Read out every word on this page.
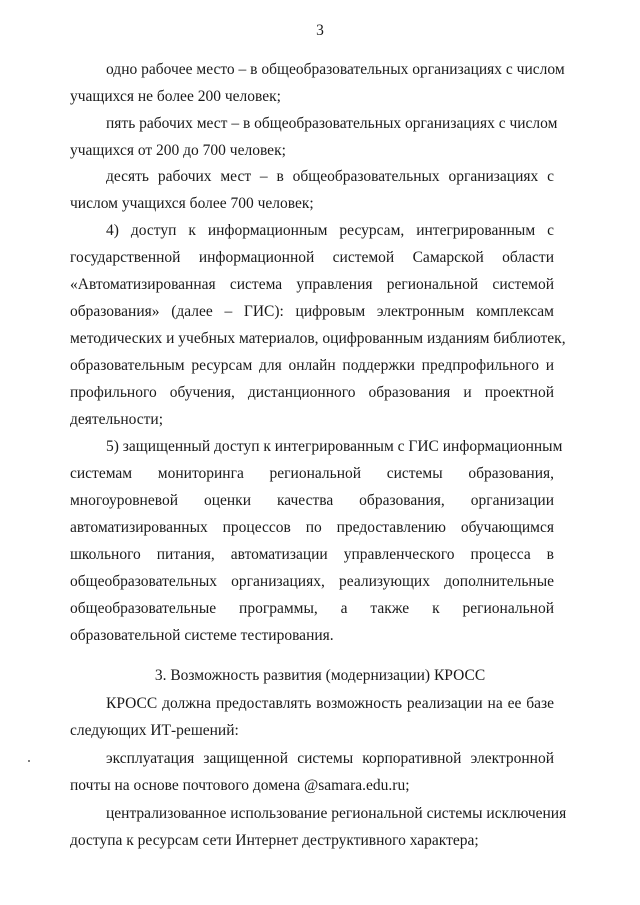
3
одно рабочее место – в общеобразовательных организациях с числом
учащихся не более 200 человек;
пять рабочих мест – в общеобразовательных организациях с числом
учащихся от 200 до 700 человек;
десять рабочих мест – в общеобразовательных организациях с
числом учащихся более 700 человек;
4) доступ к информационным ресурсам, интегрированным с
государственной информационной системой Самарской области
«Автоматизированная система управления региональной системой
образования» (далее – ГИС): цифровым электронным комплексам
методических и учебных материалов, оцифрованным изданиям библиотек,
образовательным ресурсам для онлайн поддержки предпрофильного и
профильного обучения, дистанционного образования и проектной
деятельности;
5) защищенный доступ к интегрированным с ГИС информационным
системам мониторинга региональной системы образования,
многоуровневой оценки качества образования, организации
автоматизированных процессов по предоставлению обучающимся
школьного питания, автоматизации управленческого процесса в
общеобразовательных организациях, реализующих дополнительные
общеобразовательные программы, а также к региональной
образовательной системе тестирования.
3. Возможность развития (модернизации) КРОСС
КРОСС должна предоставлять возможность реализации на ее базе
следующих ИТ-решений:
эксплуатация защищенной системы корпоративной электронной
почты на основе почтового домена @samara.edu.ru;
централизованное использование региональной системы исключения
доступа к ресурсам сети Интернет деструктивного характера;
